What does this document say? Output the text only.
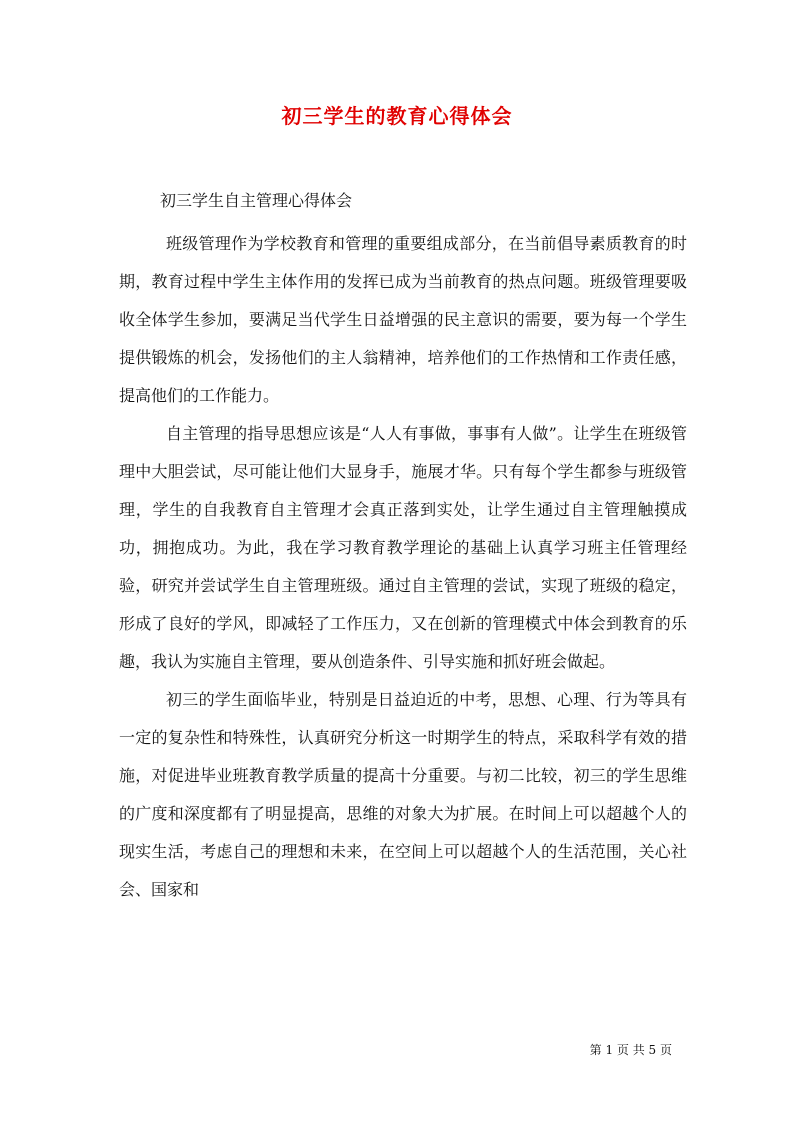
初三学生的教育心得体会
初三学生自主管理心得体会

班级管理作为学校教育和管理的重要组成部分，在当前倡导素质教育的时期，教育过程中学生主体作用的发挥已成为当前教育的热点问题。班级管理要吸收全体学生参加，要满足当代学生日益增强的民主意识的需要，要为每一个学生提供锻炼的机会，发扬他们的主人翁精神，培养他们的工作热情和工作责任感，提高他们的工作能力。

自主管理的指导思想应该是“人人有事做，事事有人做”。让学生在班级管理中大胆尝试，尽可能让他们大显身手，施展才华。只有每个学生都参与班级管理，学生的自我教育自主管理才会真正落到实处，让学生通过自主管理触摸成功，拥抱成功。为此，我在学习教育教学理论的基础上认真学习班主任管理经验，研究并尝试学生自主管理班级。通过自主管理的尝试，实现了班级的稳定，形成了良好的学风，即减轻了工作压力，又在创新的管理模式中体会到教育的乐趣，我认为实施自主管理，要从创造条件、引导实施和抓好班会做起。

初三的学生面临毕业，特别是日益迫近的中考，思想、心理、行为等具有一定的复杂性和特殊性，认真研究分析这一时期学生的特点，采取科学有效的措施，对促进毕业班教育教学质量的提高十分重要。与初二比较，初三的学生思维的广度和深度都有了明显提高，思维的对象大为扩展。在时间上可以超越个人的现实生活，考虑自己的理想和未来，在空间上可以超越个人的生活范围，关心社会、国家和

第 1 页 共 5 页
